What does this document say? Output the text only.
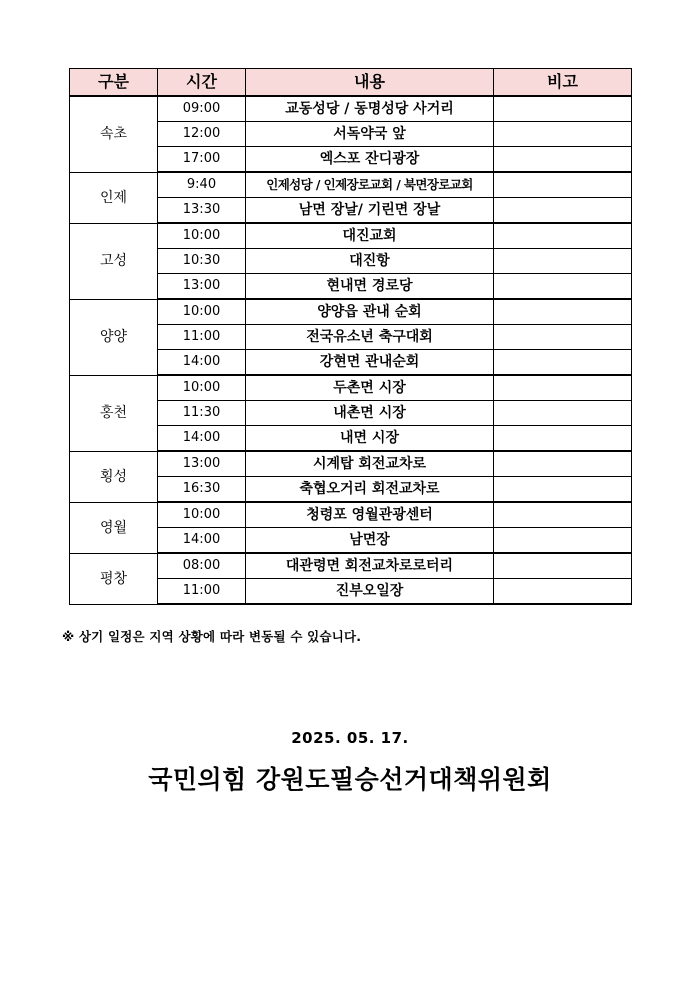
구분	시간	내용	비고
속초	09:00	교동성당 / 동명성당 사거리	
	12:00	서독약국 앞	
	17:00	엑스포 잔디광장	
인제	9:40	인제성당 / 인제장로교회 / 북면장로교회	
	13:30	남면 장날/ 기린면 장날	
고성	10:00	대진교회	
	10:30	대진항	
	13:00	현내면 경로당	
양양	10:00	양양읍 관내 순회	
	11:00	전국유소년 축구대회	
	14:00	강현면 관내순회	
홍천	10:00	두촌면 시장	
	11:30	내촌면 시장	
	14:00	내면 시장	
횡성	13:00	시계탑 회전교차로	
	16:30	축협오거리 회전교차로	
영월	10:00	청령포 영월관광센터	
	14:00	남면장	
평창	08:00	대관령면 회전교차로로터리	
	11:00	진부오일장	
※ 상기 일정은 지역 상황에 따라 변동될 수 있습니다.
2025. 05. 17.
국민의힘 강원도필승선거대책위원회
